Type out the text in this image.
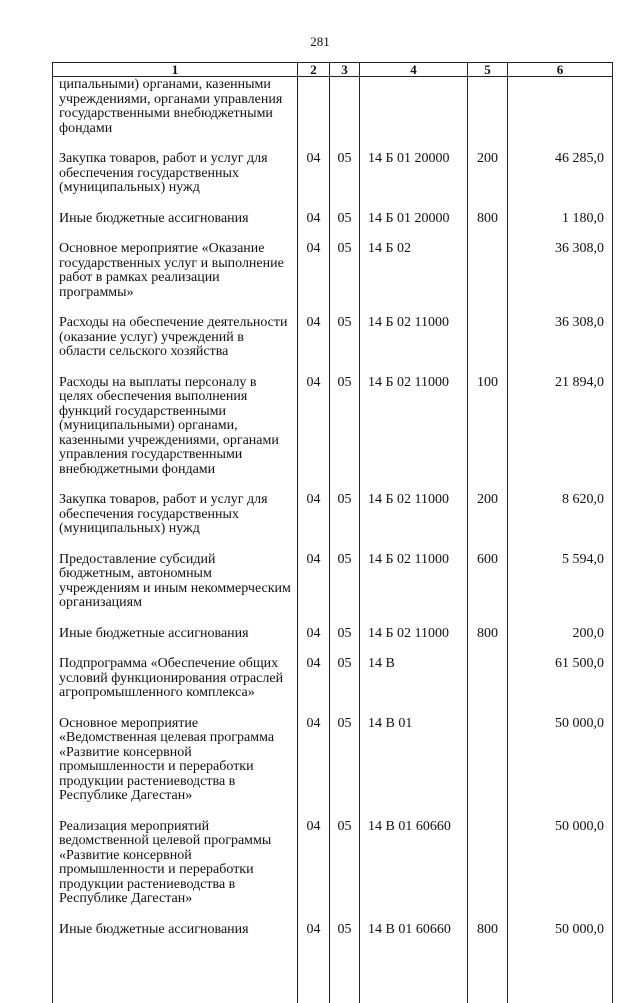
281
1	2	3	4	5	6
ципальными) органами, казенными учреждениями, органами управления государственными внебюджетными фондами					
Закупка товаров, работ и услуг для обеспечения государственных (муниципальных) нужд	04	05	14 Б 01 20000	200	46 285,0
Иные бюджетные ассигнования	04	05	14 Б 01 20000	800	1 180,0
Основное мероприятие «Оказание государственных услуг и выполнение работ в рамках реализации программы»	04	05	14 Б 02		36 308,0
Расходы на обеспечение деятельности (оказание услуг) учреждений в области сельского хозяйства	04	05	14 Б 02 11000		36 308,0
Расходы на выплаты персоналу в целях обеспечения выполнения функций государственными (муниципальными) органами, казенными учреждениями, органами управления государственными внебюджетными фондами	04	05	14 Б 02 11000	100	21 894,0
Закупка товаров, работ и услуг для обеспечения государственных (муниципальных) нужд	04	05	14 Б 02 11000	200	8 620,0
Предоставление субсидий бюджетным, автономным учреждениям и иным некоммерческим организациям	04	05	14 Б 02 11000	600	5 594,0
Иные бюджетные ассигнования	04	05	14 Б 02 11000	800	200,0
Подпрограмма «Обеспечение общих условий функционирования отраслей агропромышленного комплекса»	04	05	14 В		61 500,0
Основное мероприятие «Ведомственная целевая программа «Развитие консервной промышленности и переработки продукции растениеводства в Республике Дагестан»	04	05	14 В 01		50 000,0
Реализация мероприятий ведомственной целевой программы «Развитие консервной промышленности и переработки продукции растениеводства в Республике Дагестан»	04	05	14 В 01 60660		50 000,0
Иные бюджетные ассигнования	04	05	14 В 01 60660	800	50 000,0
